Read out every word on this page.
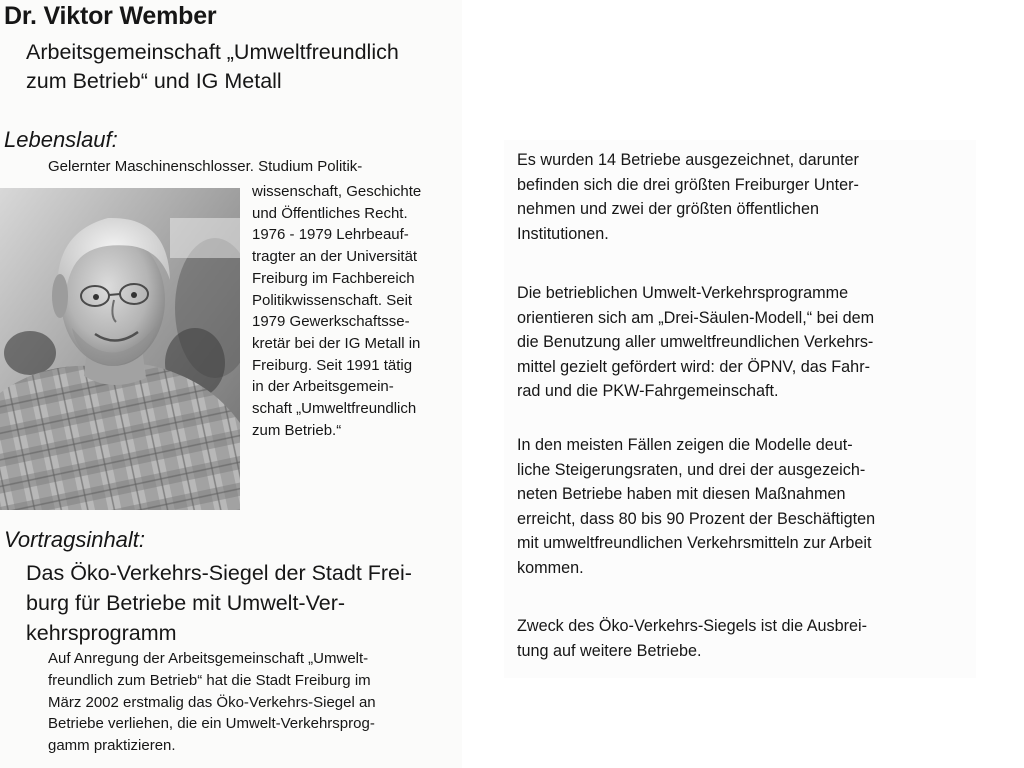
Dr. Viktor Wember
Arbeitsgemeinschaft „Umweltfreundlich
zum Betrieb“ und IG Metall
Lebenslauf:
Gelernter Maschinenschlosser. Studium Politik-

wissenschaft, Geschichte
und Öffentliches Recht.
1976 - 1979 Lehrbeauf-
tragter an der Universität
Freiburg im Fachbereich
Politikwissenschaft. Seit
1979 Gewerkschaftsse-
kretär bei der IG Metall in
Freiburg. Seit 1991 tätig
in der Arbeitsgemein-
schaft „Umweltfreundlich
zum Betrieb.“

Vortragsinhalt:
Das Öko-Verkehrs-Siegel der Stadt Frei-
burg für Betriebe mit Umwelt-Ver-
kehrsprogramm

Auf Anregung der Arbeitsgemeinschaft „Umwelt-
freundlich zum Betrieb“ hat die Stadt Freiburg im
März 2002 erstmalig das Öko-Verkehrs-Siegel an
Betriebe verliehen, die ein Umwelt-Verkehrsprog-
gamm praktizieren.

Es wurden 14 Betriebe ausgezeichnet, darunter
befinden sich die drei größten Freiburger Unter-
nehmen und zwei der größten öffentlichen
Institutionen.

Die betrieblichen Umwelt-Verkehrsprogramme
orientieren sich am „Drei-Säulen-Modell,“ bei dem
die Benutzung aller umweltfreundlichen Verkehrs-
mittel gezielt gefördert wird: der ÖPNV, das Fahr-
rad und die PKW-Fahrgemeinschaft.

In den meisten Fällen zeigen die Modelle deut-
liche Steigerungsraten, und drei der ausgezeich-
neten Betriebe haben mit diesen Maßnahmen
erreicht, dass 80 bis 90 Prozent der Beschäftigten
mit umweltfreundlichen Verkehrsmitteln zur Arbeit
kommen.

Zweck des Öko-Verkehrs-Siegels ist die Ausbrei-
tung auf weitere Betriebe.
